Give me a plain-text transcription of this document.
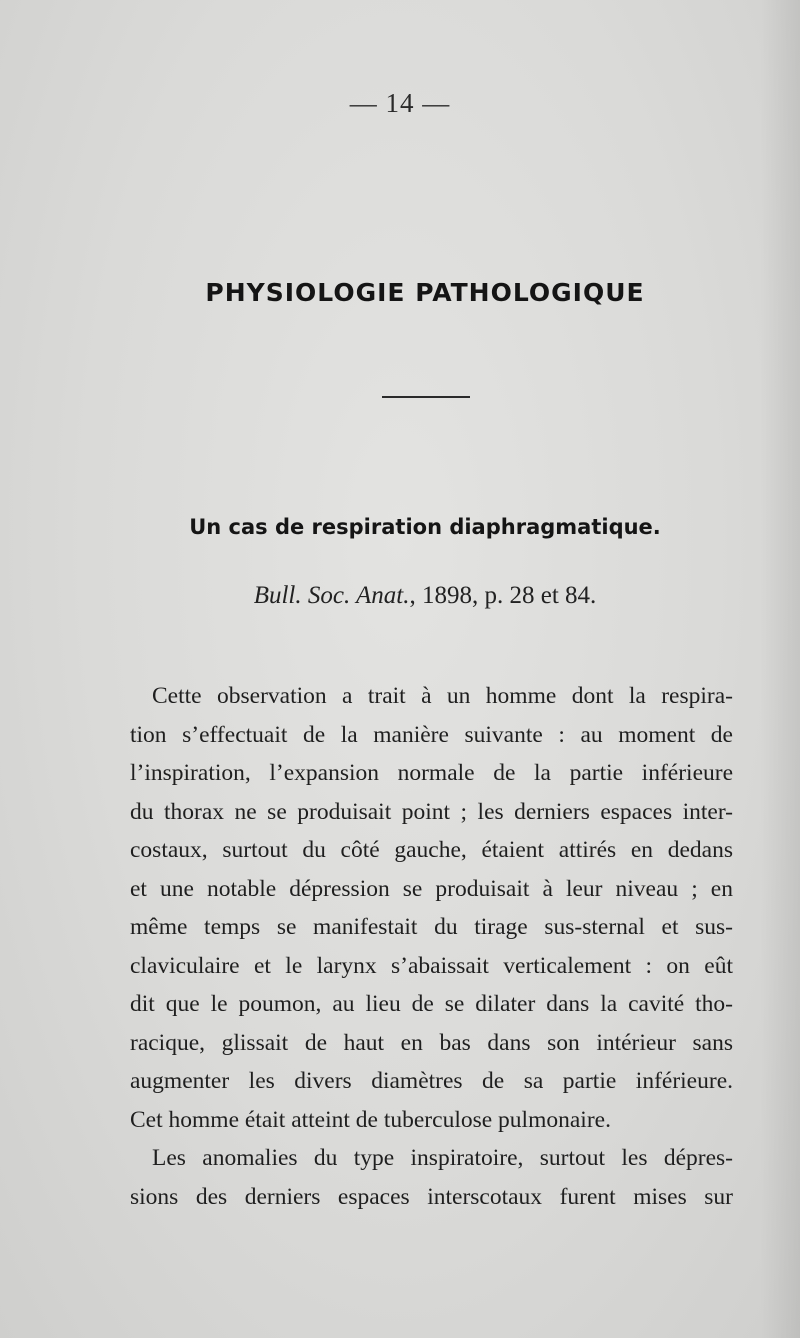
— 14 —
PHYSIOLOGIE PATHOLOGIQUE
Un cas de respiration diaphragmatique.
Bull. Soc. Anat., 1898, p. 28 et 84.
Cette observation a trait à un homme dont la respira-
tion s’effectuait de la manière suivante : au moment de
l’inspiration, l’expansion normale de la partie inférieure
du thorax ne se produisait point ; les derniers espaces inter-
costaux, surtout du côté gauche, étaient attirés en dedans
et une notable dépression se produisait à leur niveau ; en
même temps se manifestait du tirage sus-sternal et sus-
claviculaire et le larynx s’abaissait verticalement : on eût
dit que le poumon, au lieu de se dilater dans la cavité tho-
racique, glissait de haut en bas dans son intérieur sans
augmenter les divers diamètres de sa partie inférieure.
Cet homme était atteint de tuberculose pulmonaire.
Les anomalies du type inspiratoire, surtout les dépres-
sions des derniers espaces interscotaux furent mises sur
